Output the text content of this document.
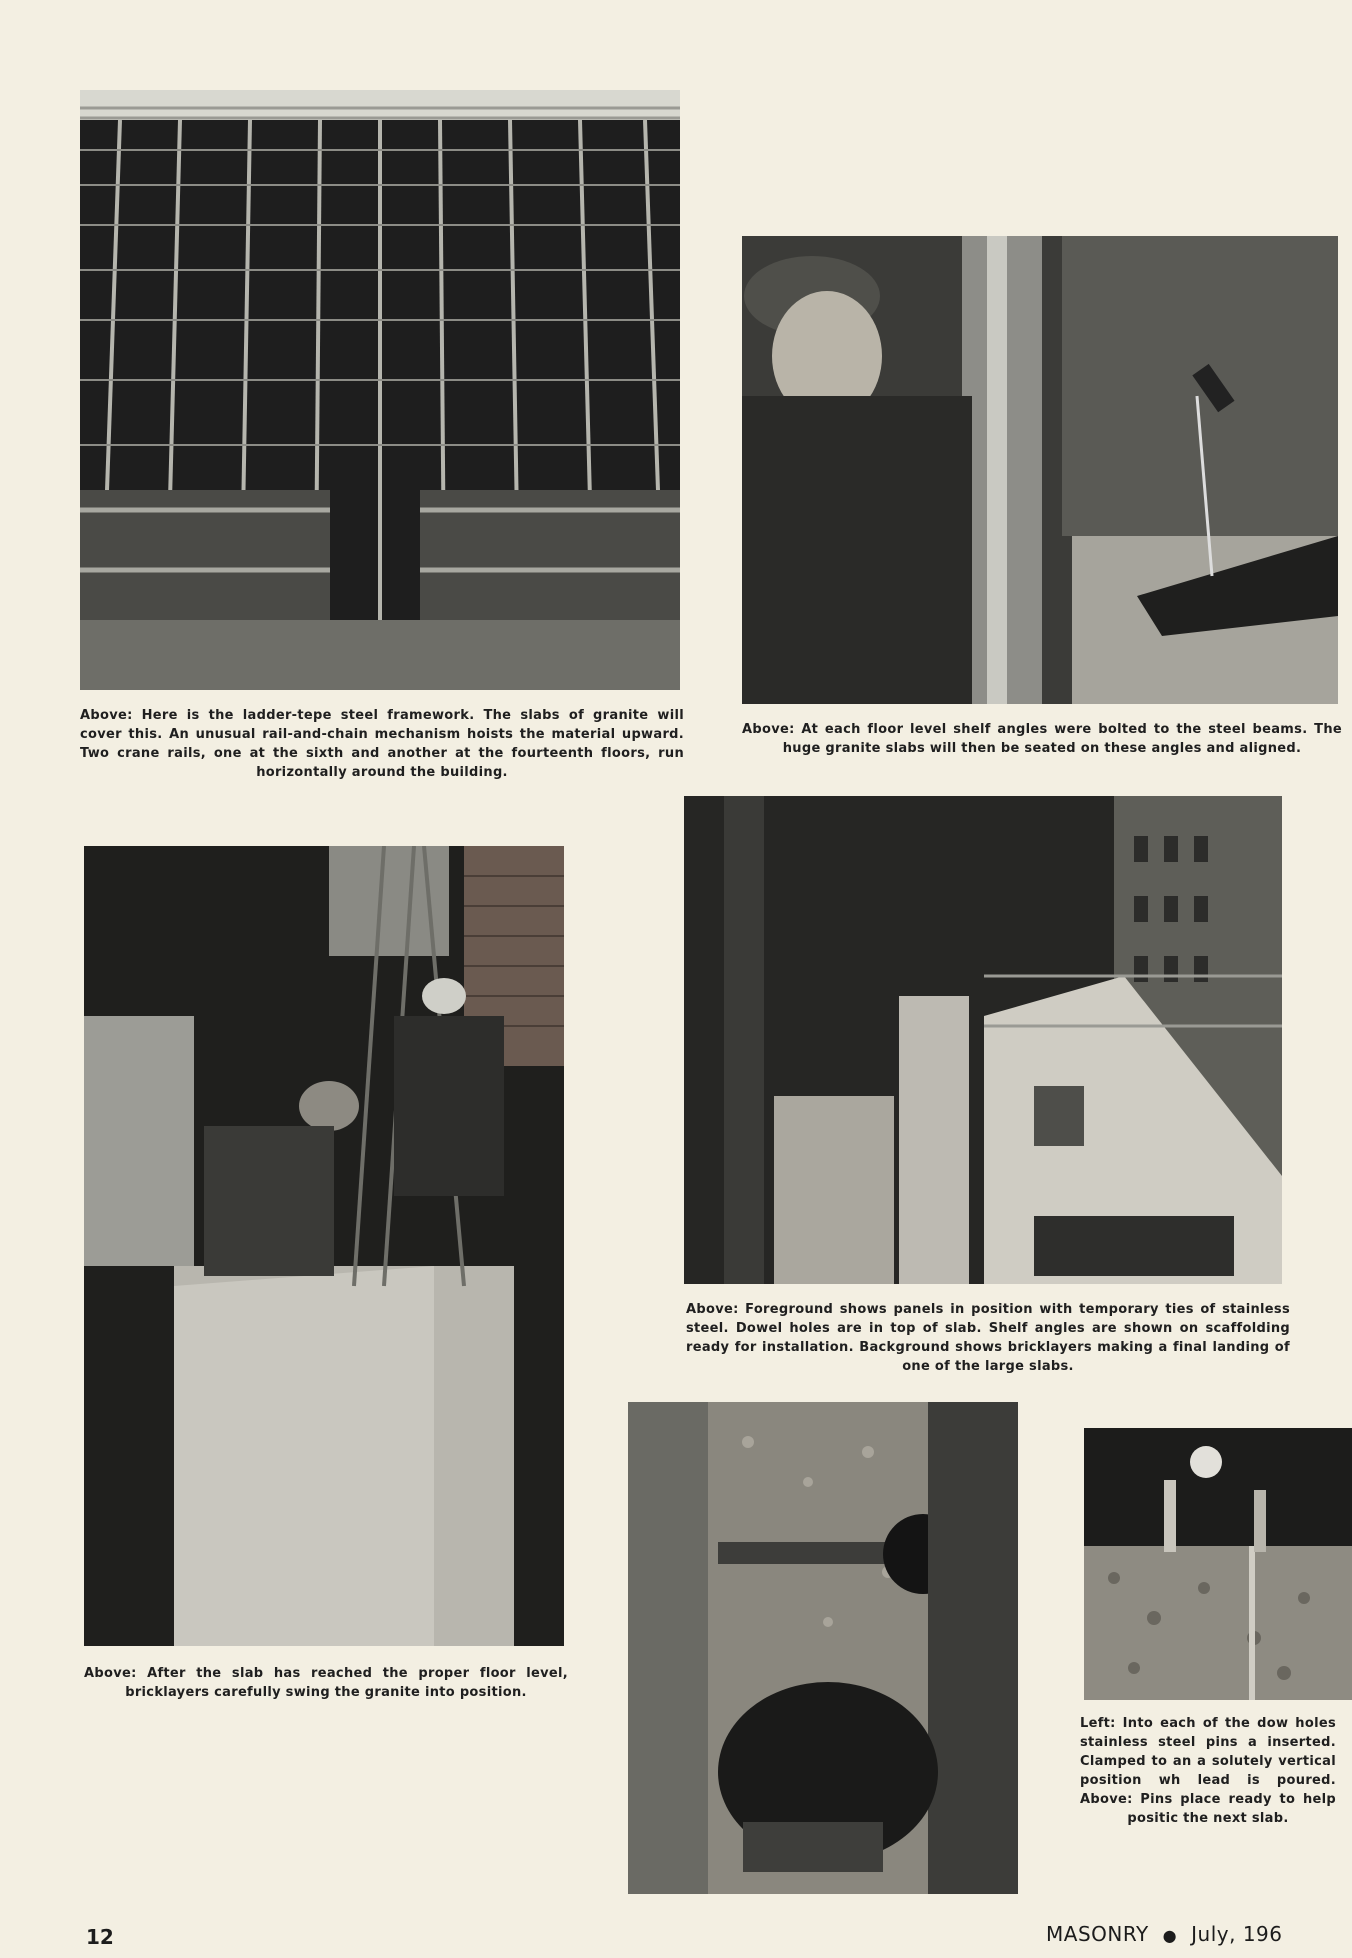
Above: Here is the ladder-tepe steel framework. The slabs of granite will cover this. An unusual rail-and-chain mechanism hoists the material upward. Two crane rails, one at the sixth and another at the fourteenth floors, run horizontally around the building.
Above: At each floor level shelf angles were bolted to the steel beams. The huge granite slabs will then be seated on these angles and aligned.
Above: After the slab has reached the proper floor level, bricklayers carefully swing the granite into position.
Above: Foreground shows panels in position with temporary ties of stainless steel. Dowel holes are in top of slab. Shelf angles are shown on scaffolding ready for installation. Background shows bricklayers making a final landing of one of the large slabs.
Left: Into each of the dow holes stainless steel pins a inserted. Clamped to an a solutely vertical position wh lead is poured. Above: Pins place ready to help positic the next slab.
12	MASONRY ● July, 196
